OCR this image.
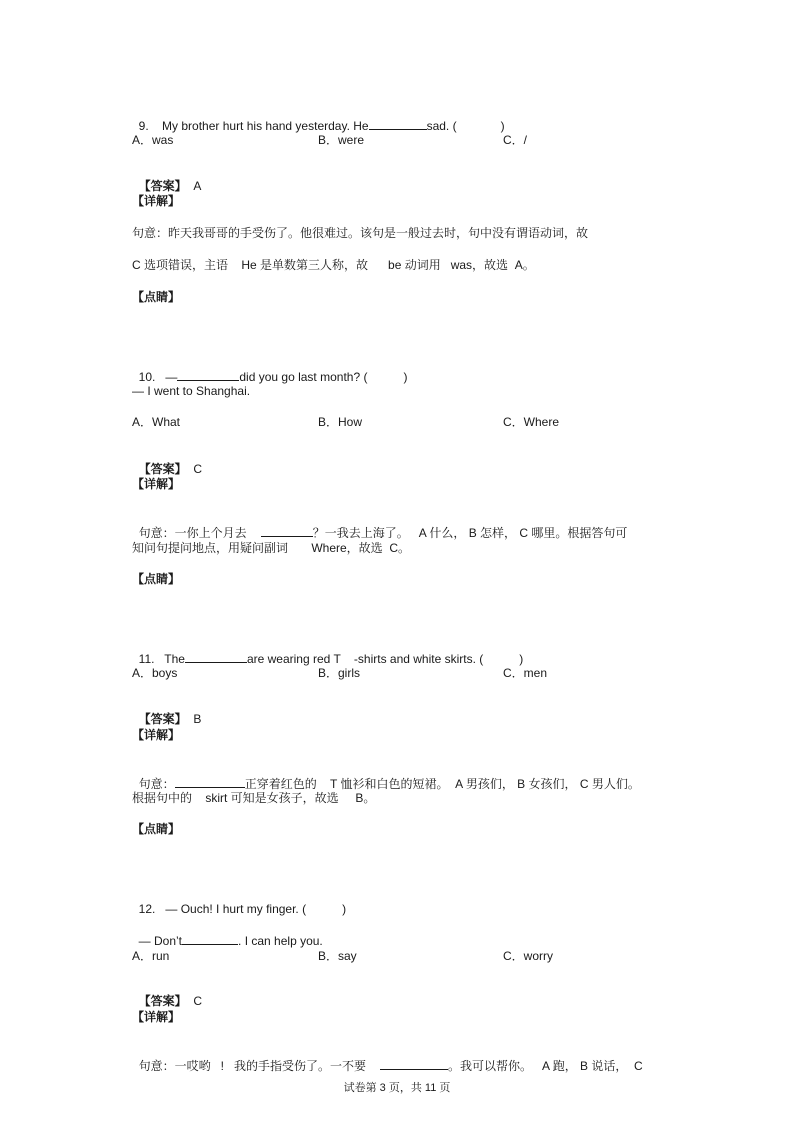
9. My brother hurt his hand yesterday. He	sad. (	)

A．was	B．were	C．/

【答案】 A

【详解】
句意：昨天我哥哥的手受伤了。他很难过。该句是一般过去时，句中没有谓语动词，故
C 选项错误，主语    He 是单数第三人称，故      be 动词用   was，故选  A。
【点睛】

10. —	did you go last month? (	)

— I went to Shanghai.
A．What	B．How	C．Where

【答案】 C

【详解】

句意：一你上个月去	？一我去上海了。   A 什么， B 怎样， C 哪里。根据答句可

知问句提问地点，用疑问副词       Where，故选  C。
【点睛】

11. The	are wearing red T    -shirts and white skirts. (	)

A．boys	B．girls	C．men

【答案】 B

【详解】

句意：	正穿着红色的    T 恤衫和白色的短裙。  A 男孩们， B 女孩们， C 男人们。

根据句中的    skirt 可知是女孩子，故选     B。
【点睛】

12. — Ouch! I hurt my finger. (	)

— Don’t	. I can help you.

A．run	B．say	C．worry

【答案】 C

【详解】

句意：一哎哟   !   我的手指受伤了。一不要	。我可以帮你。   A 跑， B 说话，  C

试卷第 3 页，共 11 页
